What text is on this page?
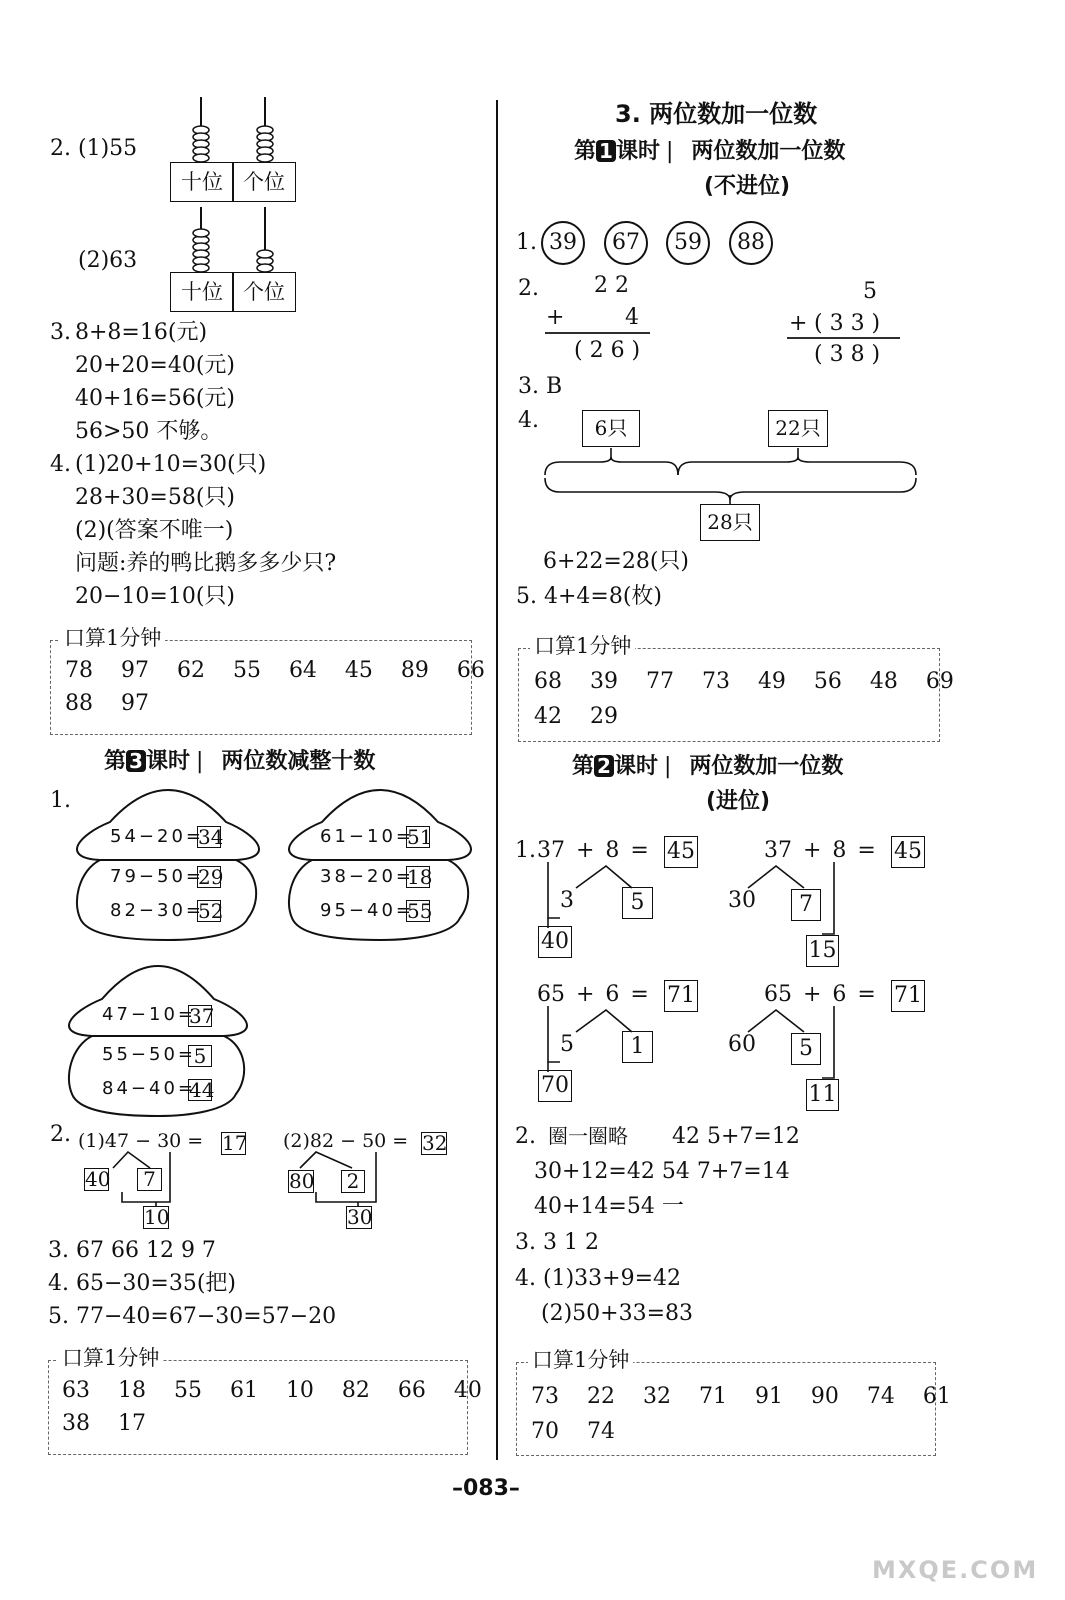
2. (1)55
十位 个位
(2)63
十位 个位
3. 8+8=16(元)
20+20=40(元)
40+16=56(元)
56>50 不够。
4. (1)20+10=30(只)
28+30=58(只)
(2)(答案不唯一)
问题:养的鸭比鹅多多少只?
20−10=10(只)
口算1分钟
78 97 62 55 64 45 89 66
88 97
第 3 课时 | 两位数减整十数
1.
54−20=
34
79−50=
29
82−30=
52
61−10=
51
38−20=
18
95−40=
55
47−10=
37
55−50=
5
84−40=
44
2. (1)47 − 30 = 17
40	7
10
(2)82 − 50 = 32
80 2
30
3. 67 66 12 9 7
4. 65−30=35(把)
5. 77−40=67−30=57−20
口算1分钟
63 18 55 61 10 82 66 40
38 17
3. 两位数加一位数
第 1 课时 | 两位数加一位数
(不进位)
1. 39	67	59	88
2.	2 2
+	4
( 2 6 )
5
+ ( 3 3 )
( 3 8 )
3. B
4.	6只	22只
28只
6+22=28(只)
5. 4+4=8(枚)
口算1分钟
68 39 77 73 49 56 48 69
42 29
第 2 课时 | 两位数加一位数
(进位)
1. 37 + 8 = 45
3	5
40
37 + 8 = 45
30	7
15
65 + 6 = 71
5	1
70
65 + 6 = 71
60	5
11
2. 圈一圈略 42 5+7=12
30+12=42 54 7+7=14
40+14=54 一
3. 3 1 2
4. (1)33+9=42
(2)50+33=83
口算1分钟
73 22 32 71 91 90 74 61
70 74
–083–
MXQE.COM
